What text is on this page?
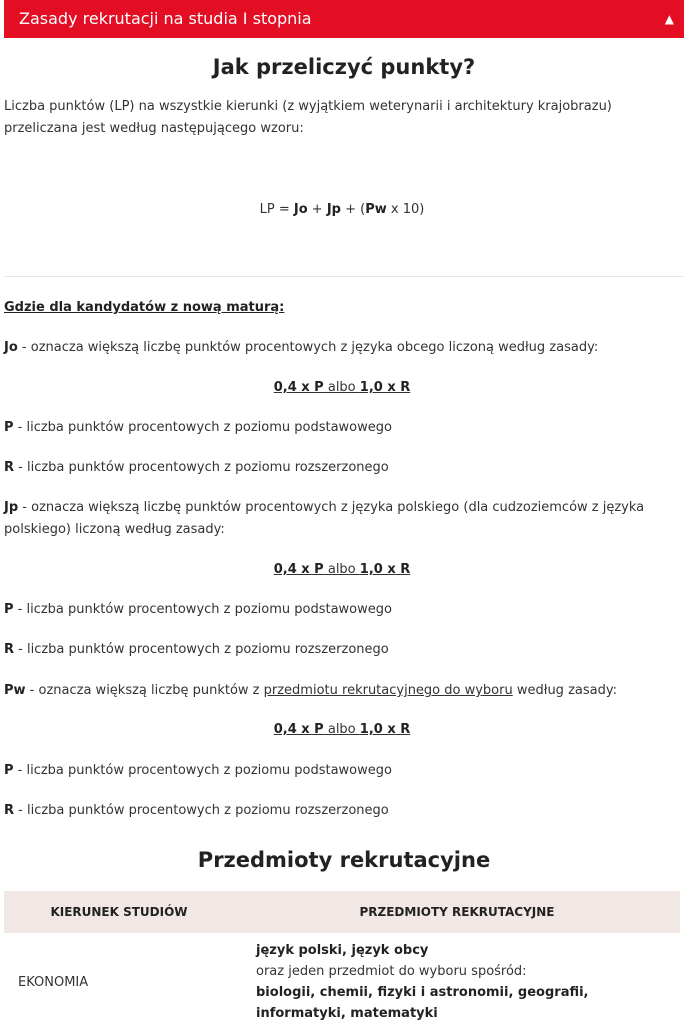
Zasady rekrutacji na studia I stopnia	▲
Jak przeliczyć punkty?
Liczba punktów (LP) na wszystkie kierunki (z wyjątkiem weterynarii i architektury krajobrazu) przeliczana jest według następującego wzoru:
LP = Jo + Jp + (Pw x 10)
Gdzie dla kandydatów z nową maturą:
Jo - oznacza większą liczbę punktów procentowych z języka obcego liczoną według zasady:
0,4 x P albo 1,0 x R
P - liczba punktów procentowych z poziomu podstawowego
R - liczba punktów procentowych z poziomu rozszerzonego
Jp - oznacza większą liczbę punktów procentowych z języka polskiego (dla cudzoziemców z języka polskiego) liczoną według zasady:
0,4 x P albo 1,0 x R
P - liczba punktów procentowych z poziomu podstawowego
R - liczba punktów procentowych z poziomu rozszerzonego
Pw - oznacza większą liczbę punktów z przedmiotu rekrutacyjnego do wyboru według zasady:
0,4 x P albo 1,0 x R
P - liczba punktów procentowych z poziomu podstawowego
R - liczba punktów procentowych z poziomu rozszerzonego
Przedmioty rekrutacyjne
KIERUNEK STUDIÓW	PRZEDMIOTY REKRUTACYJNE
EKONOMIA	język polski, język obcy
oraz jeden przedmiot do wyboru spośród:
biologii, chemii, fizyki i astronomii, geografii, informatyki, matematyki
